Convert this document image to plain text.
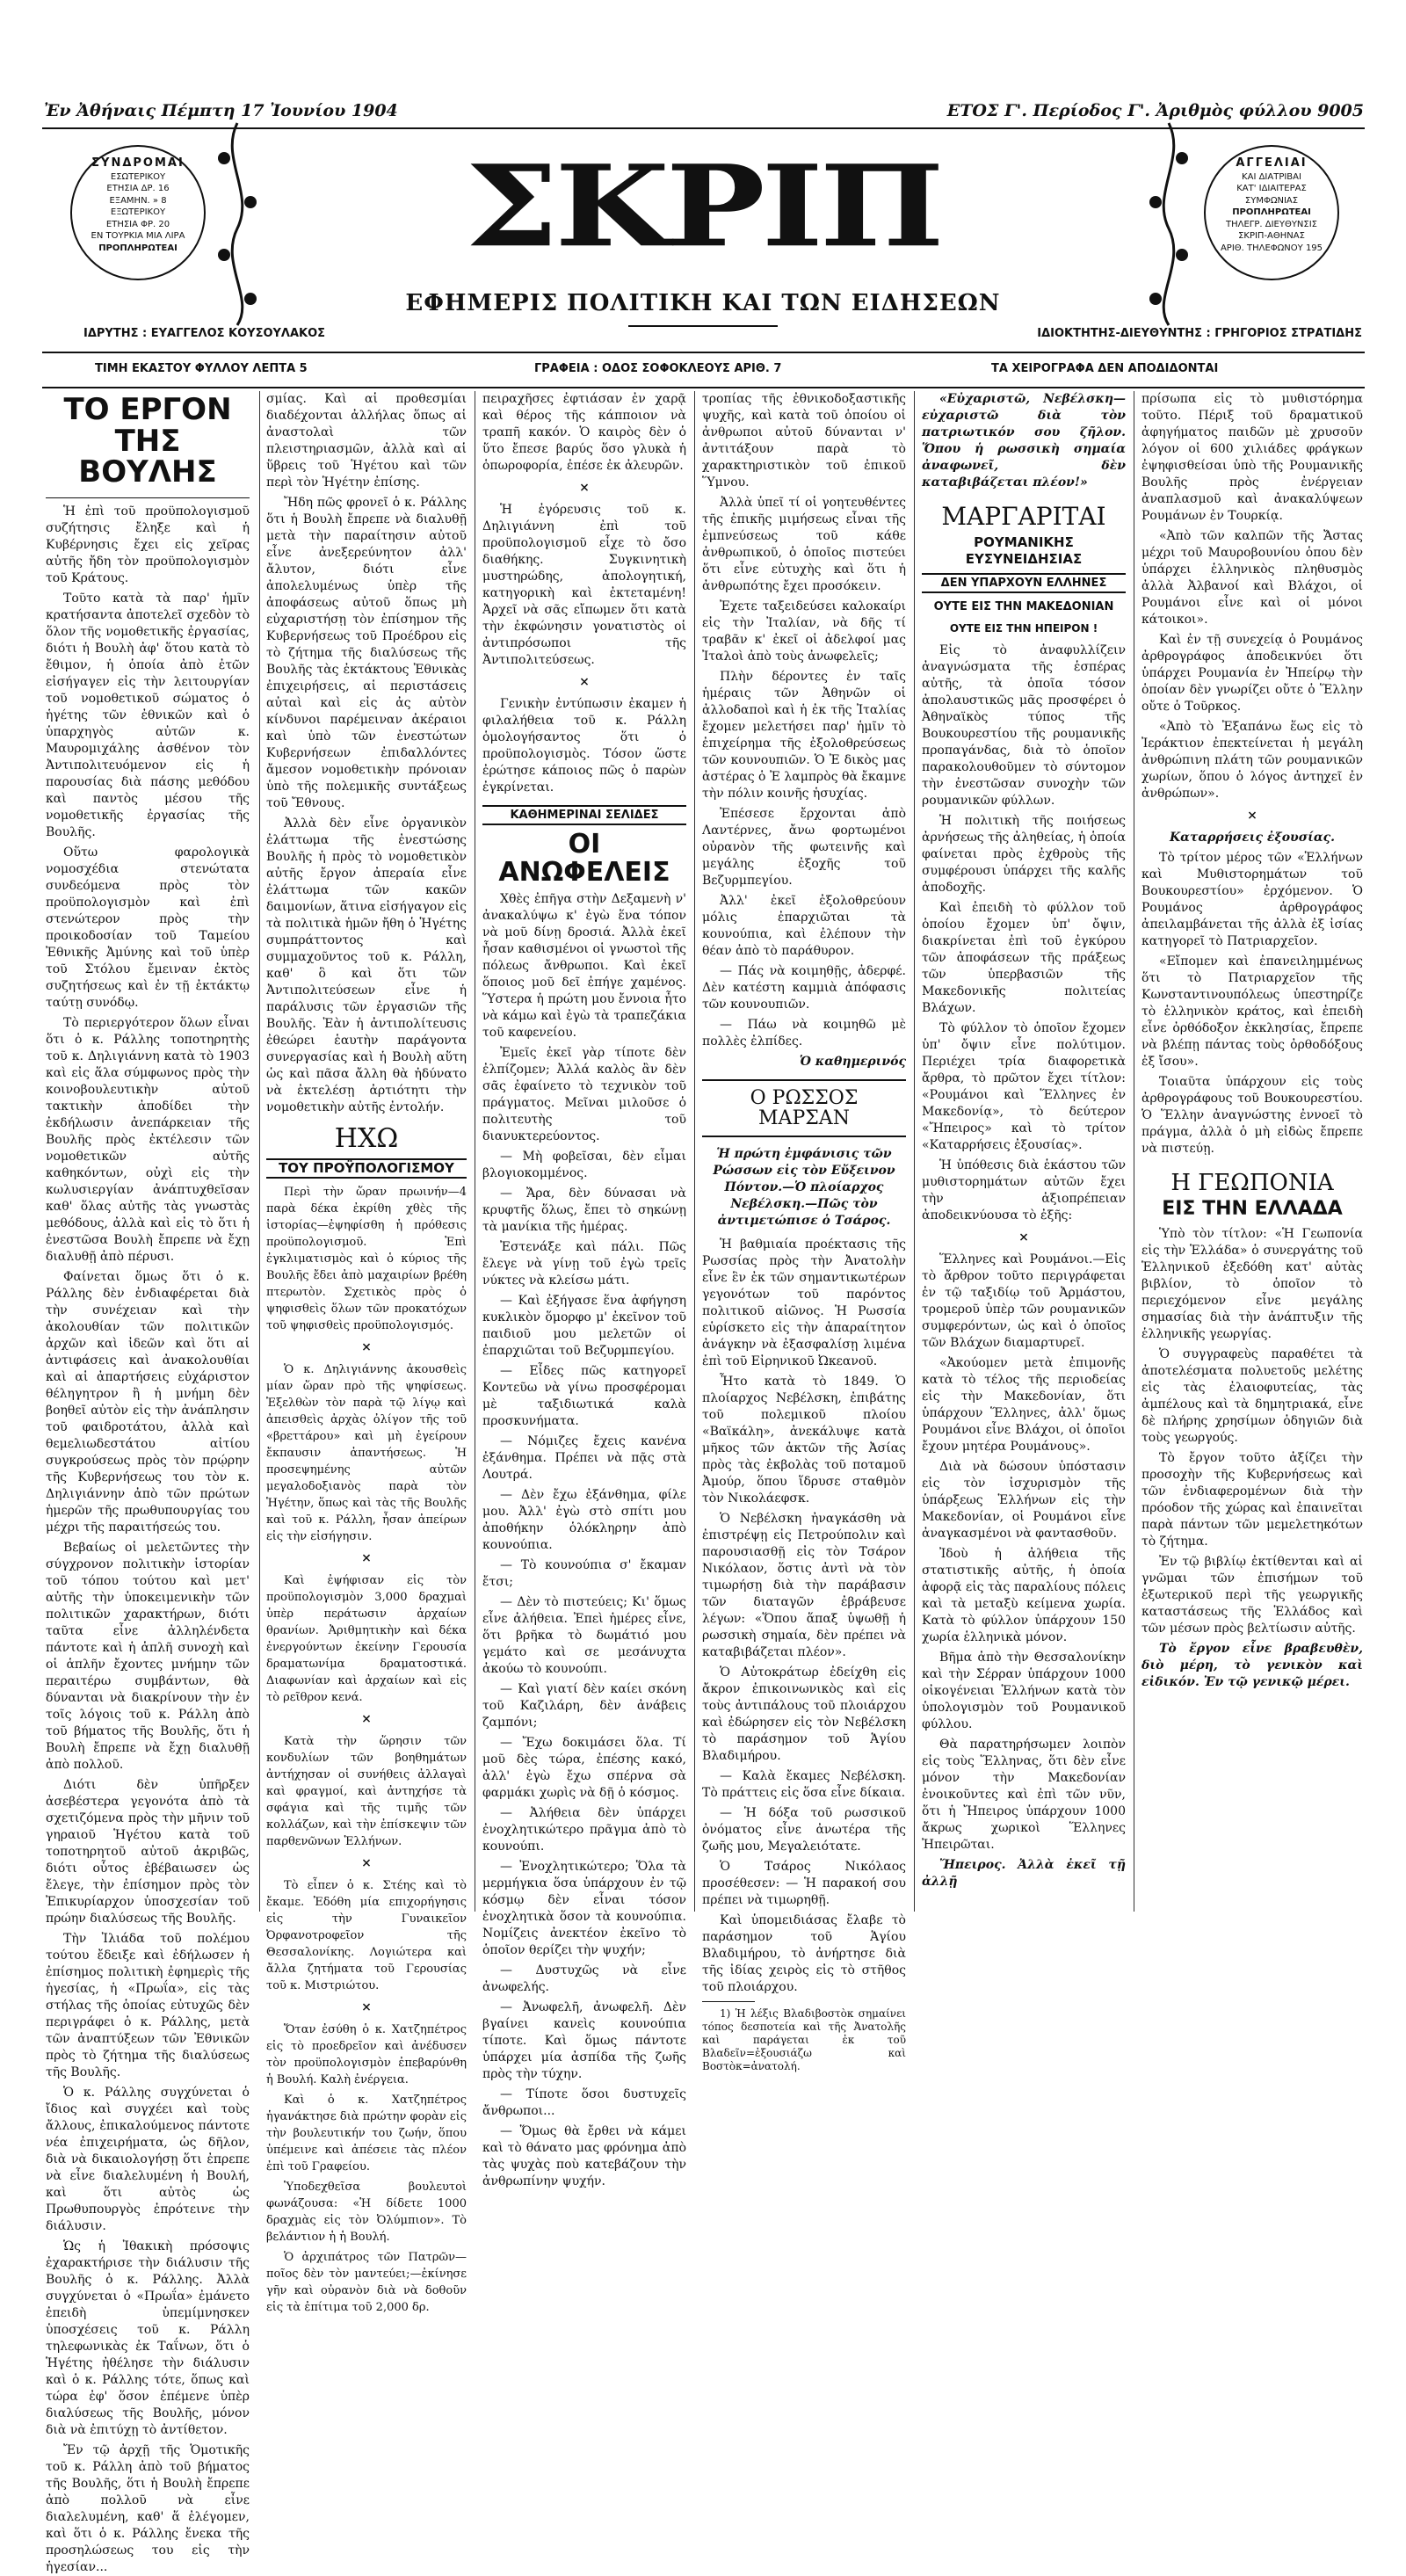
Ἐν Ἀθήναις Πέμπτη 17 Ἰουνίου 1904	ΕΤΟΣ Γ'. Περίοδος Γ'. Ἀριθμὸς φύλλου 9005
ΣΥΝΔΡΟΜΑΙ
ΕΣΩΤΕΡΙΚΟΥ
ΕΤΗΣΙΑ ΔΡ. 16
ΕΞΑΜΗΝ. » 8
ΕΞΩΤΕΡΙΚΟΥ
ΕΤΗΣΙΑ ΦΡ. 20
ΕΝ ΤΟΥΡΚΙΑ ΜΙΑ ΛΙΡΑ
ΠΡΟΠΛΗΡΩΤΕΑΙ	ΣΚΡΙΠ
ΕΦΗΜΕΡΙΣ ΠΟΛΙΤΙΚΗ ΚΑΙ ΤΩΝ ΕΙΔΗΣΕΩΝ
ΑΓΓΕΛΙΑΙ
ΚΑΙ ΔΙΑΤΡΙΒΑΙ
ΚΑΤ' ΙΔΙΑΙΤΕΡΑΣ
ΣΥΜΦΩΝΙΑΣ
ΠΡΟΠΛΗΡΩΤΕΑΙ
ΤΗΛΕΓΡ. ΔΙΕΥΘΥΝΣΙΣ
ΣΚΡΙΠ-ΑΘΗΝΑΣ
ΑΡΙΘ. ΤΗΛΕΦΩΝΟΥ 195
ΙΔΡΥΤΗΣ : ΕΥΑΓΓΕΛΟΣ ΚΟΥΣΟΥΛΑΚΟΣ	ΙΔΙΟΚΤΗΤΗΣ-ΔΙΕΥΘΥΝΤΗΣ : ΓΡΗΓΟΡΙΟΣ ΣΤΡΑΤΙΔΗΣ
ΤΙΜΗ ΕΚΑΣΤΟΥ ΦΥΛΛΟΥ ΛΕΠΤΑ 5	ΓΡΑΦΕΙΑ : ΟΔΟΣ ΣΟΦΟΚΛΕΟΥΣ ΑΡΙΘ. 7	ΤΑ ΧΕΙΡΟΓΡΑΦΑ ΔΕΝ ΑΠΟΔΙΔΟΝΤΑΙ
ΤΟ ΕΡΓΟΝ
ΤΗΣ ΒΟΥΛΗΣ

Ἡ ἐπὶ τοῦ προϋπολογισμοῦ συζήτησις ἔληξε καὶ ἡ Κυβέρνησις ἔχει εἰς χεῖρας αὐτῆς ἤδη τὸν προϋπολογισμὸν τοῦ Κράτους.

Τοῦτο κατὰ τὰ παρ' ἡμῖν κρατήσαντα ἀποτελεῖ σχεδὸν τὸ ὅλον τῆς νομοθετικῆς ἐργασίας, διότι ἡ Βουλὴ ἀφ' ὅτου κατὰ τὸ ἔθιμον, ἡ ὁποία ἀπὸ ἐτῶν εἰσήγαγεν εἰς τὴν λειτουργίαν τοῦ νομοθετικοῦ σώματος ὁ ἡγέτης τῶν ἐθνικῶν καὶ ὁ ὑπαρχηγὸς αὐτῶν κ. Μαυρομιχάλης ἀσθένον τὸν Ἀντιπολιτευόμενον εἰς ἡ παρουσίας διὰ πάσης μεθόδου καὶ παντὸς μέσου τῆς νομοθετικῆς ἐργασίας τῆς Βουλῆς.

Οὕτω φαρολογικὰ νομοσχέδια στενώτατα συνδεόμενα πρὸς τὸν προϋπολογισμὸν καὶ ἐπὶ στενώτερον πρὸς τὴν προικοδοσίαν τοῦ Ταμείου Ἐθνικῆς Ἀμύνης καὶ τοῦ ὑπὲρ τοῦ Στόλου ἔμειναν ἐκτὸς συζητήσεως καὶ ἐν τῇ ἐκτάκτῳ ταύτῃ συνόδῳ.

Τὸ περιεργότερον ὅλων εἶναι ὅτι ὁ κ. Ράλλης τοποτηρητὴς τοῦ κ. Δηλιγιάννη κατὰ τὸ 1903 καὶ εἰς ἅλα σύμφωνος πρὸς τὴν κοινοβουλευτικὴν αὐτοῦ τακτικὴν ἀποδίδει τὴν ἐκδήλωσιν ἀνεπάρκειαν τῆς Βουλῆς πρὸς ἐκτέλεσιν τῶν νομοθετικῶν αὐτῆς καθηκόντων, οὐχὶ εἰς τὴν κωλυσιεργίαν ἀνάπτυχθεῖσαν καθ' ὅλας αὐτῆς τὰς γνωστὰς μεθόδους, ἀλλὰ καὶ εἰς τὸ ὅτι ἡ ἐνεστῶσα Βουλὴ ἔπρεπε νὰ ἔχῃ διαλυθῇ ἀπὸ πέρυσι.

Φαίνεται ὅμως ὅτι ὁ κ. Ράλλης δὲν ἐνδιαφέρεται διὰ τὴν συνέχειαν καὶ τὴν ἀκολουθίαν τῶν πολιτικῶν ἀρχῶν καὶ ἰδεῶν καὶ ὅτι αἱ ἀντιφάσεις καὶ ἀνακολουθίαι καὶ αἱ ἀπαρτήσεις εὐχάριστον θέληγητρον ἢ ἡ μνήμη δὲν βοηθεῖ αὐτὸν εἰς τὴν ἀνάπλησιν τοῦ φαιδροτάτου, ἀλλὰ καὶ θεμελιωδεστάτου αἰτίου συγκρούσεως πρὸς τὸν πρῴρην τῆς Κυβερνήσεως του τὸν κ. Δηλιγιάννην ἀπὸ τῶν πρώτων ἡμερῶν τῆς πρωθυπουργίας του μέχρι τῆς παραιτήσεώς του.

Βεβαίως οἱ μελετῶντες τὴν σύγχρονον πολιτικὴν ἱστορίαν τοῦ τόπου τούτου καὶ μετ' αὐτῆς τὴν ὑποκειμενικὴν τῶν πολιτικῶν χαρακτήρων, διότι ταῦτα εἶνε ἀλληλένδετα πάντοτε καὶ ἡ ἁπλῆ συνοχὴ καὶ οἱ ἁπλῆν ἔχοντες μνήμην τῶν περαιτέρω συμβάντων, θὰ δύνανται νὰ διακρίνουν τὴν ἐν τοῖς λόγοις τοῦ κ. Ράλλη ἀπὸ τοῦ βήματος τῆς Βουλῆς, ὅτι ἡ Βουλὴ ἔπρεπε νὰ ἔχῃ διαλυθῇ ἀπὸ πολλοῦ.

Διότι δὲν ὑπῆρξεν ἀσεβέστερα γεγονότα ἀπὸ τὰ σχετιζόμενα πρὸς τὴν μῆνιν τοῦ γηραιοῦ Ἡγέτου κατὰ τοῦ τοποτηρητοῦ αὐτοῦ ἀκριβῶς, διότι οὗτος ἐβέβαιωσεν ὡς ἔλεγε, τὴν ἐπίσημον πρὸς τὸν Ἐπικυρίαρχον ὑποσχεσίαν τοῦ πρώην διαλύσεως τῆς Βουλῆς.

Τὴν Ἰλιάδα τοῦ πολέμου τούτου ἔδειξε καὶ ἐδήλωσεν ἡ ἐπίσημος πολιτικὴ ἐφημερὶς τῆς ἡγεσίας, ἡ «Πρωΐα», εἰς τὰς στήλας τῆς ὁποίας εὐτυχῶς δὲν περιγράφει ὁ κ. Ράλλης, μετὰ τῶν ἀναπτύξεων τῶν Ἐθνικῶν πρὸς τὸ ζήτημα τῆς διαλύσεως τῆς Βουλῆς.

Ὁ κ. Ράλλης συγχύνεται ὁ ἴδιος καὶ συγχέει καὶ τοὺς ἄλλους, ἐπικαλούμενος πάντοτε νέα ἐπιχειρήματα, ὡς δῆλον, διὰ νὰ δικαιολογήσῃ ὅτι ἐπρεπε νὰ εἶνε διαλελυμένη ἡ Βουλή, καὶ ὅτι αὐτὸς ὡς Πρωθυπουργὸς ἐπρότεινε τὴν διάλυσιν.

Ὡς ἡ Ἰθακικὴ πρόσοψις ἐχαρακτήρισε τὴν διάλυσιν τῆς Βουλῆς ὁ κ. Ράλλης. Ἀλλὰ συγχύνεται ὁ «Πρωΐα» ἐμάνετο ἐπειδὴ ὑπεμίμνησκεν ὑποσχέσεις τοῦ κ. Ράλλη τηλεφωνικὰς ἐκ Ταΐνων, ὅτι ὁ Ἡγέτης ἠθέλησε τὴν διάλυσιν καὶ ὁ κ. Ράλλης τότε, ὅπως καὶ τώρα ἐφ' ὅσον ἐπέμενε ὑπὲρ διαλύσεως τῆς Βουλῆς, μόνον διὰ νὰ ἐπιτύχῃ τὸ ἀντίθετον.

Ἔν τῷ ἀρχῇ τῆς Ὁμοτικῆς τοῦ κ. Ράλλη ἀπὸ τοῦ βήματος τῆς Βουλῆς, ὅτι ἡ Βουλὴ ἔπρεπε ἀπὸ πολλοῦ νὰ εἶνε διαλελυμένη, καθ' ἅ ἐλέγομεν, καὶ ὅτι ὁ κ. Ράλλης ἔνεκα τῆς προσηλώσεως του εἰς τὴν ἡγεσίαν...

σμίας. Καὶ αἱ προθεσμίαι διαδέχονται ἀλλήλας ὅπως αἱ ἀναστολαὶ τῶν πλειστηριασμῶν, ἀλλὰ καὶ αἱ ὕβρεις τοῦ Ἡγέτου καὶ τῶν περὶ τὸν Ἡγέτην ἐπίσης.

Ἤδη πῶς φρονεῖ ὁ κ. Ράλλης ὅτι ἡ Βουλὴ ἔπρεπε νὰ διαλυθῇ μετὰ τὴν παραίτησιν αὐτοῦ εἶνε ἀνεξερεύνητον ἀλλ' ἄλυτον, διότι εἶνε ἀπολελυμένως ὑπὲρ τῆς ἀποφάσεως αὐτοῦ ὅπως μὴ εὐχαριστήσῃ τὸν ἐπίσημον τῆς Κυβερνήσεως τοῦ Προέδρου εἰς τὸ ζήτημα τῆς διαλύσεως τῆς Βουλῆς τὰς ἐκτάκτους Ἐθνικὰς ἐπιχειρήσεις, αἱ περιστάσεις αὐταὶ καὶ εἰς ἀς αὐτὸν κίνδυνοι παρέμειναν ἀκέραιοι καὶ ὑπὸ τῶν ἐνεστώτων Κυβερνήσεων ἐπιδαλλόντες ἄμεσον νομοθετικὴν πρόνοιαν ὑπὸ τῆς πολεμικῆς συντάξεως τοῦ Ἔθνους.

Ἀλλὰ δὲν εἶνε ὀργανικὸν ἐλάττωμα τῆς ἐνεστώσης Βουλῆς ἡ πρὸς τὸ νομοθετικὸν αὐτῆς ἔργον ἀπεραία εἶνε ἐλάττωμα τῶν κακῶν δαιμονίων, ἅτινα εἰσήγαγον εἰς τὰ πολιτικὰ ἡμῶν ἤθη ὁ Ἡγέτης συμπράττοντος καὶ συμμαχοῦντος τοῦ κ. Ράλλη, καθ' ὃ καὶ ὅτι τῶν Ἀντιπολιτεύσεων εἶνε ἡ παράλυσις τῶν ἐργασιῶν τῆς Βουλῆς. Ἐὰν ἡ ἀντιπολίτευσις ἐθεώρει ἑαυτὴν παράγοντα συνεργασίας καὶ ἡ Βουλὴ αὕτη ὡς καὶ πᾶσα ἄλλη θὰ ἠδύνατο νὰ ἐκτελέσῃ ἀρτιότητι τὴν νομοθετικὴν αὐτῆς ἐντολήν.

ΗΧΩ
ΤΟΥ ΠΡΟΫΠΟΛΟΓΙΣΜΟΥ

Περὶ τὴν ὥραν πρωινήν—4 παρὰ δέκα ἐκρίθη χθὲς τῆς ἱστορίας—ἐψηφίσθη ἡ πρόθεσις προϋπολογισμοῦ. Ἐπὶ ἐγκλιματισμὸς καὶ ὁ κύριος τῆς Βουλῆς ἔδει ἀπὸ μαχαιρίων βρέθη πτερωτὸν. Σχετικὸς πρὸς ὁ ψηφισθεὶς ὅλων τῶν προκατόχων τοῦ ψηφισθεὶς προϋπολογισμός.

×

Ὁ κ. Δηλιγιάννης ἀκουσθεὶς μίαν ὥραν πρὸ τῆς ψηφίσεως. Ἐξελθὼν τὸν παρὰ τῷ λίγῳ καὶ ἀπεισθεὶς ἀρχὰς ὀλίγον τῆς τοῦ «βρεττάρου» καὶ μὴ ἐγείρουν ἔκπαυσιν ἀπαντήσεως. Ἡ προσεψημένης αὐτῶν μεγαλοδοξιανὸς παρὰ τὸν Ἡγέτην, ὅπως καὶ τὰς τῆς Βουλῆς καὶ τοῦ κ. Ράλλη, ἦσαν ἀπείρων εἰς τὴν εἰσήγησιν.

×

Καὶ ἐψήφισαν εἰς τὸν προϋπολογισμὸν 3,000 δραχμαὶ ὑπὲρ περάτωσιν ἀρχαίων θρανίων. Ἀριθμητικὴν καὶ δέκα ἐνεργούντων ἐκείνην Γερουσία δραματωνίμα δραματοστικά. Διαφωνίαν καὶ ἀρχαίων καὶ εἰς τὸ ρεῖθρον κενά.

×

Κατὰ τὴν ὥρησιν τῶν κονδυλίων τῶν βοηθημάτων ἀντήχησαν οἱ συνήθεις ἀλλαγαὶ καὶ φραγμοί, καὶ ἀντηχήσε τὰ σφάγια καὶ τῆς τιμῆς τῶν κολλάζων, καὶ τὴν ἐπίσκεψιν τῶν παρθενῶνων Ἑλλήνων.

×

Τὸ εἶπεν ὁ κ. Στέης καὶ τὸ ἔκαμε. Ἐδόθη μία επιχορήγησις εἰς τὴν Γυναικεῖον Ὀρφανοτροφεῖον τῆς Θεσσαλονίκης. Λογιώτερα καὶ ἄλλα ζητήματα τοῦ Γερουσίας τοῦ κ. Μιστριώτου.

×

Ὅταν ἐσύθη ὁ κ. Χατζηπέτρος εἰς τὸ προεδρεῖον καὶ ἀνέδυσεν τὸν προϋπολογισμὸν ἐπεβαρύνθη ἡ Βουλή. Καλὴ ἐνέργεια.

Καὶ ὁ κ. Χατζηπέτρος ἡγανάκτησε διὰ πρώτην φορὰν εἰς τὴν βουλευτικήν του ζωήν, ὅπου ὑπέμεινε καὶ ἀπέσειε τὰς πλέον ἐπὶ τοῦ Γραφείου.

Ὑποδεχθεῖσα βουλευτοὶ φωνάζουσα: «Ἡ δίδετε 1000 δραχμὰς εἰς τὸν Ὀλύμπιον». Τὸ βελάντιον ἡ ἡ Βουλή.

Ὁ ἀρχιπάτρος τῶν Πατρῶν—ποῖος δὲν τὸν μαντεύει;—ἐκίνησε γῆν καὶ οὐρανὸν διὰ νὰ δοθοῦν εἰς τὰ ἐπίτιμα τοῦ 2,000 δρ.

πειραχῆσες ἐφτιάσαν ἐν χαρᾷ καὶ θέρος τῆς κάπποιον νὰ τραπῆ κακόν. Ὁ καιρὸς δὲν ὁ ὕτο ἔπεσε βαρύς ὅσο γλυκὰ ἡ ὁπωροφορία, ἐπέσε ἐκ ἀλευρῶν.

×

Ἡ ἐγόρευσις τοῦ κ. Δηλιγιάννη ἐπὶ τοῦ προϋπολογισμοῦ εἶχε τὸ ὄσο διαθήκης. Συγκινητικὴ μυστηρώδης, ἀπολογητική, κατηγορικὴ καὶ ἐκτεταμένη! Ἀρχεῖ νὰ σᾶς εἴπωμεν ὅτι κατὰ τὴν ἐκφώνησιν γονατιστὸς οἱ ἀντιπρόσωποι τῆς Ἀντιπολιτεύσεως.

×

Γενικὴν ἐντύπωσιν ἐκαμεν ἡ φιλαλήθεια τοῦ κ. Ράλλη ὁμολογήσαντος ὅτι ὁ προϋπολογισμὸς. Τόσον ὥστε ἐρώτησε κάποιος πῶς ὁ παρὼν ἐγκρίνεται.

ΚΑΘΗΜΕΡΙΝΑΙ ΣΕΛΙΔΕΣ
ΟΙ ΑΝΩΦΕΛΕΙΣ

Χθὲς ἐπῆγα στὴν Δεξαμενὴ ν' ἀνακαλύψω κ' ἐγὼ ἕνα τόπον νὰ μοῦ δίνῃ δροσιά. Ἀλλὰ ἐκεῖ ἦσαν καθισμένοι οἱ γνωστοὶ τῆς πόλεως ἄνθρωποι. Καὶ ἐκεῖ ὅποιος μοῦ δεῖ ἐπήγε χαμένος. Ὕστερα ἡ πρώτη μου ἔννοια ἦτο νὰ κάμω καὶ ἐγὼ τὰ τραπεζάκια τοῦ καφενείου.

Ἐμεῖς ἐκεῖ γὰρ τίποτε δὲν ἐλπίζομεν; Ἀλλά καλὸς ἂν δὲν σᾶς ἐφαίνετο τὸ τεχνικὸν τοῦ πράγματος. Μεῖναι μιλοῦσε ὁ πολιτευτὴς τοῦ διανυκτερεύοντος.

— Μὴ φοβεῖσαι, δὲν εἶμαι βλογιοκομμένος.

— Ἄρα, δὲν δύνασαι νὰ κρυφτῆς ὅλως, ἔπει τὸ σηκώνῃ τὰ μανίκια τῆς ἡμέρας.

Ἐστενάξε καὶ πάλι. Πῶς ἔλεγε νὰ γίνῃ τοῦ ἐγὼ τρεῖς νύκτες νὰ κλείσω μάτι.

— Καὶ ἐξήγασε ἕνα ἀφήγηση κυκλικὸν ὅμορφο μ' ἐκεῖνον τοῦ παιδιοῦ μου μελετῶν οἱ ἐπαρχιῶται τοῦ Βεζυρμπεγίου.

— Εἶδες πῶς κατηγορεῖ Κοντεῦω νὰ γίνω προσφέρομαι μὲ ταξιδιωτικά καλὰ προσκυνήματα.

— Νόμιζες ἔχεις κανένα ἐξάνθημα. Πρέπει νὰ πᾷς στὰ Λουτρά.

— Δὲν ἔχω ἐξάνθημα, φίλε μου. Ἀλλ' ἐγὼ στὸ σπίτι μου ἀποθήκην ὁλόκληρην ἀπὸ κουνούπια.

— Τὸ κουνούπια σ' ἔκαμαν ἔτσι;

— Δὲν τὸ πιστεύεις; Κι' ὅμως εἶνε ἀλήθεια. Ἐπεὶ ἡμέρες εἶνε, ὅτι βρῆκα τὸ δωμάτιό μου γεμάτο καὶ σε μεσάνυχτα ἀκούω τὸ κουνούπι.

— Καὶ γιατί δὲν καίει σκόνη τοῦ Καζιλάρη, δὲν ἀνάβεις ζαμπόνι;

— Ἔχω δοκιμάσει ὅλα. Τί μοῦ δὲς τώρα, ἐπέσης κακό, ἀλλ' ἐγὼ ἔχω σπέρνα σὰ φαρμάκι χωρὶς νὰ δῇ ὁ κόσμος.

— Ἀλήθεια δὲν ὑπάρχει ἐνοχλητικώτερο πρᾶγμα ἀπὸ τὸ κουνούπι.

— Ἐνοχλητικώτερο; Ὅλα τὰ μερμήγκια ὅσα ὑπάρχουν ἐν τῷ κόσμῳ δὲν εἶναι τόσον ἐνοχλητικὰ ὅσον τὰ κουνούπια. Νομίζεις ἀνεκτέον ἐκεῖνο τὸ ὁποῖον θερίζει τὴν ψυχήν;

— Δυστυχῶς νὰ εἶνε ἀνωφελής.

— Ἀνωφελῆ, ἀνωφελῆ. Δὲν βγαίνει κανεὶς κουνούπια τίποτε. Καὶ ὅμως πάντοτε ὑπάρχει μία ἀσπίδα τῆς ζωῆς πρὸς τὴν τύχην.

— Τίποτε ὅσοι δυστυχεῖς ἄνθρωποι...

— Ὅμως θὰ ἔρθει νὰ κάμει καὶ τὸ θάνατο μας φρόνημα ἀπὸ τὰς ψυχὰς ποὺ κατεβάζουν τὴν ἀνθρωπίνην ψυχήν.

τροπίας τῆς ἐθνικοδοξαστικῆς ψυχῆς, καὶ κατὰ τοῦ ὁποίου οἱ ἀνθρωποι αὐτοῦ δύνανται ν' ἀντιτάξουν παρὰ τὸ χαρακτηριστικὸν τοῦ ἐπικοῦ Ὕμνου.

Ἀλλὰ ὑπεῖ τί οἱ γοητευθέντες τῆς ἐπικῆς μιμήσεως εἶναι τῆς ἐμπνεύσεως τοῦ κάθε ἀνθρωπικοῦ, ὁ ὁποῖος πιστεύει ὅτι εἶνε εὐτυχὴς καὶ ὅτι ἡ ἀνθρωπότης ἔχει προσόκειν.

Ἐχετε ταξειδεύσει καλοκαίρι εἰς τὴν Ἰταλίαν, νὰ δῆς τί τραβᾶν κ' ἐκεῖ οἱ ἀδελφοί μας Ἰταλοὶ ἀπὸ τοὺς ἀνωφελεῖς;

Πλὴν δέροντες ἐν ταῖς ἡμέραις τῶν Ἀθηνῶν οἱ ἀλλοδαποὶ καὶ ἡ ἐκ τῆς Ἰταλίας ἔχομεν μελετήσει παρ' ἡμῖν τὸ ἐπιχείρημα τῆς ἐξολοθρεύσεως τῶν κουνουπιῶν. Ὁ Ἐ δικὸς μας ἀστέρας ὁ Ἐ λαμπρὸς θὰ ἔκαμνε τὴν πόλιν κοινῆς ἡσυχίας.

Ἐπέσεσε ἔρχονται ἀπὸ Λαντέρνες, ἄνω φορτωμένοι οὐρανὸν τῆς φωτεινῆς καὶ μεγάλης ἐξοχῆς τοῦ Βεζυρμπεγίου.

Ἀλλ' ἐκεῖ ἐξολοθρεύουν μόλις ἐπαρχιῶται τὰ κουνούπια, καὶ ἐλέπουν τὴν θέαν ἀπὸ τὸ παράθυρον.

— Πάς νὰ κοιμηθῇς, ἀδερφέ. Δὲν κατέστη καμμιὰ ἀπόφασις τῶν κουνουπιῶν.

— Πάω νὰ κοιμηθῶ μὲ πολλὲς ἐλπίδες.

Ὁ καθημερινός
Ο ΡΩΣΣΟΣ ΜΑΡΣΑΝ
Ἡ πρώτη ἐμφάνισις τῶν Ρώσσων εἰς τὸν Εὔξεινον Πόντον.—Ὁ πλοίαρχος Νεβέλσκη.—Πῶς τὸν ἀντιμετώπισε ὁ Τσάρος.

Ἡ βαθμιαία προέκτασις τῆς Ρωσσίας πρὸς τὴν Ἀνατολὴν εἶνε ἓν ἐκ τῶν σημαντικωτέρων γεγονότων τοῦ παρόντος πολιτικοῦ αἰῶνος. Ἡ Ρωσσία εὑρίσκετο εἰς τὴν ἀπαραίτητον ἀνάγκην νὰ ἐξασφαλίσῃ λιμένα ἐπὶ τοῦ Εἰρηνικοῦ Ὠκεανοῦ.

Ἦτο κατὰ τὸ 1849. Ὁ πλοίαρχος Νεβέλσκη, ἐπιβάτης τοῦ πολεμικοῦ πλοίου «Βαϊκάλη», ἀνεκάλυψε κατὰ μῆκος τῶν ἀκτῶν τῆς Ἀσίας πρὸς τὰς ἐκβολὰς τοῦ ποταμοῦ Ἀμούρ, ὅπου ἵδρυσε σταθμὸν τὸν Νικολάεφσκ.

Ὁ Νεβέλσκη ἠναγκάσθη νὰ ἐπιστρέψῃ εἰς Πετρούπολιν καὶ παρουσιασθῇ εἰς τὸν Τσάρον Νικόλαον, ὅστις ἀντὶ νὰ τὸν τιμωρήσῃ διὰ τὴν παράβασιν τῶν διαταγῶν ἐβράβευσε λέγων: «Ὅπου ἅπαξ ὑψωθῇ ἡ ρωσσικὴ σημαία, δὲν πρέπει νὰ καταβιβάζεται πλέον».

Ὁ Αὐτοκράτωρ ἐδείχθη εἰς ἄκρον ἐπικοινωνικὸς καὶ εἰς τοὺς ἀντιπάλους τοῦ πλοιάρχου καὶ ἐδώρησεν εἰς τὸν Νεβέλσκη τὸ παράσημον τοῦ Ἁγίου Βλαδιμήρου.

— Καλὰ ἔκαμες Νεβέλσκη. Τὸ πράττεις εἰς ὅσα εἶνε δίκαια.

— Ἡ δόξα τοῦ ρωσσικοῦ ὀνόματος εἶνε ἀνωτέρα τῆς ζωῆς μου, Μεγαλειότατε.

Ὁ Τσάρος Νικόλαος προσέθεσεν: — Ἡ παρακοή σου πρέπει νὰ τιμωρηθῇ.

Καὶ ὑπομειδιάσας ἔλαβε τὸ παράσημον τοῦ Ἁγίου Βλαδιμήρου, τὸ ἀνήρτησε διὰ τῆς ἰδίας χειρὸς εἰς τὸ στῆθος τοῦ πλοιάρχου.

1) Ἡ λέξις Βλαδιβοστὸκ σημαίνει τόπος δεσποτεία καὶ τῆς Ἀνατολῆς καὶ παράγεται ἐκ τοῦ Βλαδεῖν=ἐξουσιάζω καὶ Βοστὸκ=ἀνατολή.

«Εὐχαριστῶ, Νεβέλσκη—εὐχαριστῶ διὰ τὸν πατριωτικόν σου ζῆλον. Ὅπου ἡ ρωσσικὴ σημαία ἀναφωνεῖ, δὲν καταβιβάζεται πλέον!»

ΜΑΡΓΑΡΙΤΑΙ
ΡΟΥΜΑΝΙΚΗΣ ΕΥΣΥΝΕΙΔΗΣΙΑΣ
ΔΕΝ ΥΠΑΡΧΟΥΝ ΕΛΛΗΝΕΣ
ΟΥΤΕ ΕΙΣ ΤΗΝ ΜΑΚΕΔΟΝΙΑΝ
ΟΥΤΕ ΕΙΣ ΤΗΝ ΗΠΕΙΡΟΝ !

Εἰς τὸ ἀναφυλλίζειν ἀναγνώσματα τῆς ἑσπέρας αὐτῆς, τὰ ὁποῖα τόσον ἀπολαυστικῶς μᾶς προσφέρει ὁ Ἀθηναϊκὸς τύπος τῆς Βουκουρεστίου τῆς ρουμανικῆς προπαγάνδας, διὰ τὸ ὁποῖον παρακολουθοῦμεν τὸ σύντομον τὴν ἐνεστῶσαν συνοχὴν τῶν ρουμανικῶν φύλλων.

Ἡ πολιτικὴ τῆς ποιήσεως ἀρνήσεως τῆς ἀληθείας, ἡ ὁποία φαίνεται πρὸς ἐχθροὺς τῆς συμφέρουσι ὑπάρχει τῆς καλῆς ἀποδοχῆς.

Καὶ ἐπειδὴ τὸ φύλλον τοῦ ὁποίου ἔχομεν ὑπ' ὄψιν, διακρίνεται ἐπὶ τοῦ ἐγκύρου τῶν ἀποφάσεων τῆς πράξεως τῶν ὑπερβασιῶν τῆς Μακεδονικῆς πολιτείας Βλάχων.

Τὸ φύλλον τὸ ὁποῖον ἔχομεν ὑπ' ὄψιν εἶνε πολύτιμον. Περιέχει τρία διαφορετικὰ ἄρθρα, τὸ πρῶτον ἔχει τίτλον: «Ρουμάνοι καὶ Ἕλληνες ἐν Μακεδονίᾳ», τὸ δεύτερον «Ἤπειρος» καὶ τὸ τρίτον «Καταρρήσεις ἐξουσίας».

Ἡ ὑπόθεσις διὰ ἑκάστου τῶν μυθιστορημάτων αὐτῶν ἔχει τὴν ἀξιοπρέπειαν ἀποδεικνύουσα τὸ ἐξῆς:

×

Ἕλληνες καὶ Ρουμάνοι.—Εἰς τὸ ἄρθρον τοῦτο περιγράφεται ἐν τῷ ταξιδίῳ τοῦ Ἀρμάστου, τρομεροῦ ὑπὲρ τῶν ρουμανικῶν συμφερόντων, ὡς καὶ ὁ ὁποῖος τῶν Βλάχων διαμαρτυρεῖ.

«Ἀκούομεν μετὰ ἐπιμονῆς κατὰ τὸ τέλος τῆς περιοδείας εἰς τὴν Μακεδονίαν, ὅτι ὑπάρχουν Ἕλληνες, ἀλλ' ὅμως Ρουμάνοι εἶνε Βλάχοι, οἱ ὁποῖοι ἔχουν μητέρα Ρουμάνους».

Διὰ νὰ δώσουν ὑπόστασιν εἰς τὸν ἰσχυρισμὸν τῆς ὑπάρξεως Ἑλλήνων εἰς τὴν Μακεδονίαν, οἱ Ρουμάνοι εἶνε ἀναγκασμένοι νὰ φαντασθοῦν.

Ἰδοὺ ἡ ἀλήθεια τῆς στατιστικῆς αὐτῆς, ἡ ὁποία ἀφορᾷ εἰς τὰς παραλίους πόλεις καὶ τὰ μεταξὺ κείμενα χωρία. Κατὰ τὸ φύλλον ὑπάρχουν 150 χωρία ἑλληνικὰ μόνον.

Βῆμα ἀπὸ τὴν Θεσσαλονίκην καὶ τὴν Σέρραν ὑπάρχουν 1000 οἰκογένειαι Ἑλλήνων κατὰ τὸν ὑπολογισμὸν τοῦ Ρουμανικοῦ φύλλου.

Θὰ παρατηρήσωμεν λοιπὸν εἰς τοὺς Ἕλληνας, ὅτι δὲν εἶνε μόνον τὴν Μακεδονίαν ἐνοικοῦντες καὶ ἐπὶ τῶν νῦν, ὅτι ἡ Ἤπειρος ὑπάρχουν 1000 ἄκρως χωρικοὶ Ἕλληνες Ἠπειρῶται.

Ἤπειρος. Ἀλλὰ ἐκεῖ τῇ ἀλλῇ

πρίσωπα εἰς τὸ μυθιστόρημα τοῦτο. Πέριξ τοῦ δραματικοῦ ἀφηγήματος παιδῶν μὲ χρυσοῦν λόγον οἱ 600 χιλιάδες φράγκων ἐψηφισθείσαι ὑπὸ τῆς Ρουμανικῆς Βουλῆς πρὸς ἐνέργειαν ἀναπλασμοῦ καὶ ἀνακαλύψεων Ρουμάνων ἐν Τουρκίᾳ.

«Ἀπὸ τῶν καλπῶν τῆς Ἄστας μέχρι τοῦ Μαυροβουνίου ὁπου δὲν ὑπάρχει ἑλληνικὸς πληθυσμὸς ἀλλὰ Ἀλβανοί καὶ Βλάχοι, οἱ Ρουμάνοι εἶνε καὶ οἱ μόνοι κάτοικοι».

Καὶ ἐν τῇ συνεχείᾳ ὁ Ρουμάνος ἀρθρογράφος ἀποδεικνύει ὅτι ὑπάρχει Ρουμανία ἐν Ἠπείρῳ τὴν ὁποίαν δὲν γνωρίζει οὔτε ὁ Ἕλλην οὔτε ὁ Τοῦρκος.

«Ἀπὸ τὸ Ἐξαπάνω ἕως εἰς τὸ Ἰεράκτιον ἐπεκτείνεται ἡ μεγάλη ἀνθρώπινη πλάτη τῶν ρουμανικῶν χωρίων, ὅπου ὁ λόγος ἀντηχεῖ ἐν ἀνθρώπων».

×

Καταρρήσεις ἐξουσίας.

Τὸ τρίτον μέρος τῶν «Ἑλλήνων καὶ Μυθιστορημάτων τοῦ Βουκουρεστίου» ἐρχόμενον. Ὁ Ρουμάνος ἀρθρογράφος ἀπειλαμβάνεται τῆς ἀλλὰ ἐξ ἰσίας κατηγορεῖ τὸ Πατριαρχεῖον.

«Εἴπομεν καὶ ἐπανειλημμένως ὅτι τὸ Πατριαρχεῖον τῆς Κωνσταντινουπόλεως ὑπεστηρίζε τὸ ἑλληνικὸν κράτος, καὶ ἐπειδὴ εἶνε ὀρθόδοξον ἐκκλησίας, ἔπρεπε νὰ βλέπῃ πάντας τοὺς ὀρθοδόξους ἐξ ἴσου».

Τοιαῦτα ὑπάρχουν εἰς τοὺς ἀρθρογράφους τοῦ Βουκουρεστίου. Ὁ Ἕλλην ἀναγνώστης ἐννοεῖ τὸ πράγμα, ἀλλὰ ὁ μὴ εἰδὼς ἔπρεπε νὰ πιστεύῃ.

Η ΓΕΩΠΟΝΙΑ
ΕΙΣ ΤΗΝ ΕΛΛΑΔΑ

Ὑπὸ τὸν τίτλον: «Ἡ Γεωπονία εἰς τὴν Ἑλλάδα» ὁ συνεργάτης τοῦ Ἑλληνικοῦ ἐξεδόθη κατ' αὐτὰς βιβλίον, τὸ ὁποῖον τὸ περιεχόμενον εἶνε μεγάλης σημασίας διὰ τὴν ἀνάπτυξιν τῆς ἑλληνικῆς γεωργίας.

Ὁ συγγραφεὺς παραθέτει τὰ ἀποτελέσματα πολυετοῦς μελέτης εἰς τὰς ἐλαιοφυτείας, τὰς ἀμπέλους καὶ τὰ δημητριακά, εἶνε δὲ πλήρης χρησίμων ὁδηγιῶν διὰ τοὺς γεωργούς.

Τὸ ἔργον τοῦτο ἀξίζει τὴν προσοχὴν τῆς Κυβερνήσεως καὶ τῶν ἐνδιαφερομένων διὰ τὴν πρόοδον τῆς χώρας καὶ ἐπαινεῖται παρὰ πάντων τῶν μεμελετηκότων τὸ ζήτημα.

Ἐν τῷ βιβλίῳ ἐκτίθενται καὶ αἱ γνῶμαι τῶν ἐπισήμων τοῦ ἐξωτερικοῦ περὶ τῆς γεωργικῆς καταστάσεως τῆς Ἑλλάδος καὶ τῶν μέσων πρὸς βελτίωσιν αὐτῆς.

Τὸ ἔργον εἶνε βραβευθὲν, διὸ μέρη, τὸ γενικὸν καὶ εἰδικόν. Ἐν τῷ γενικῷ μέρει.
